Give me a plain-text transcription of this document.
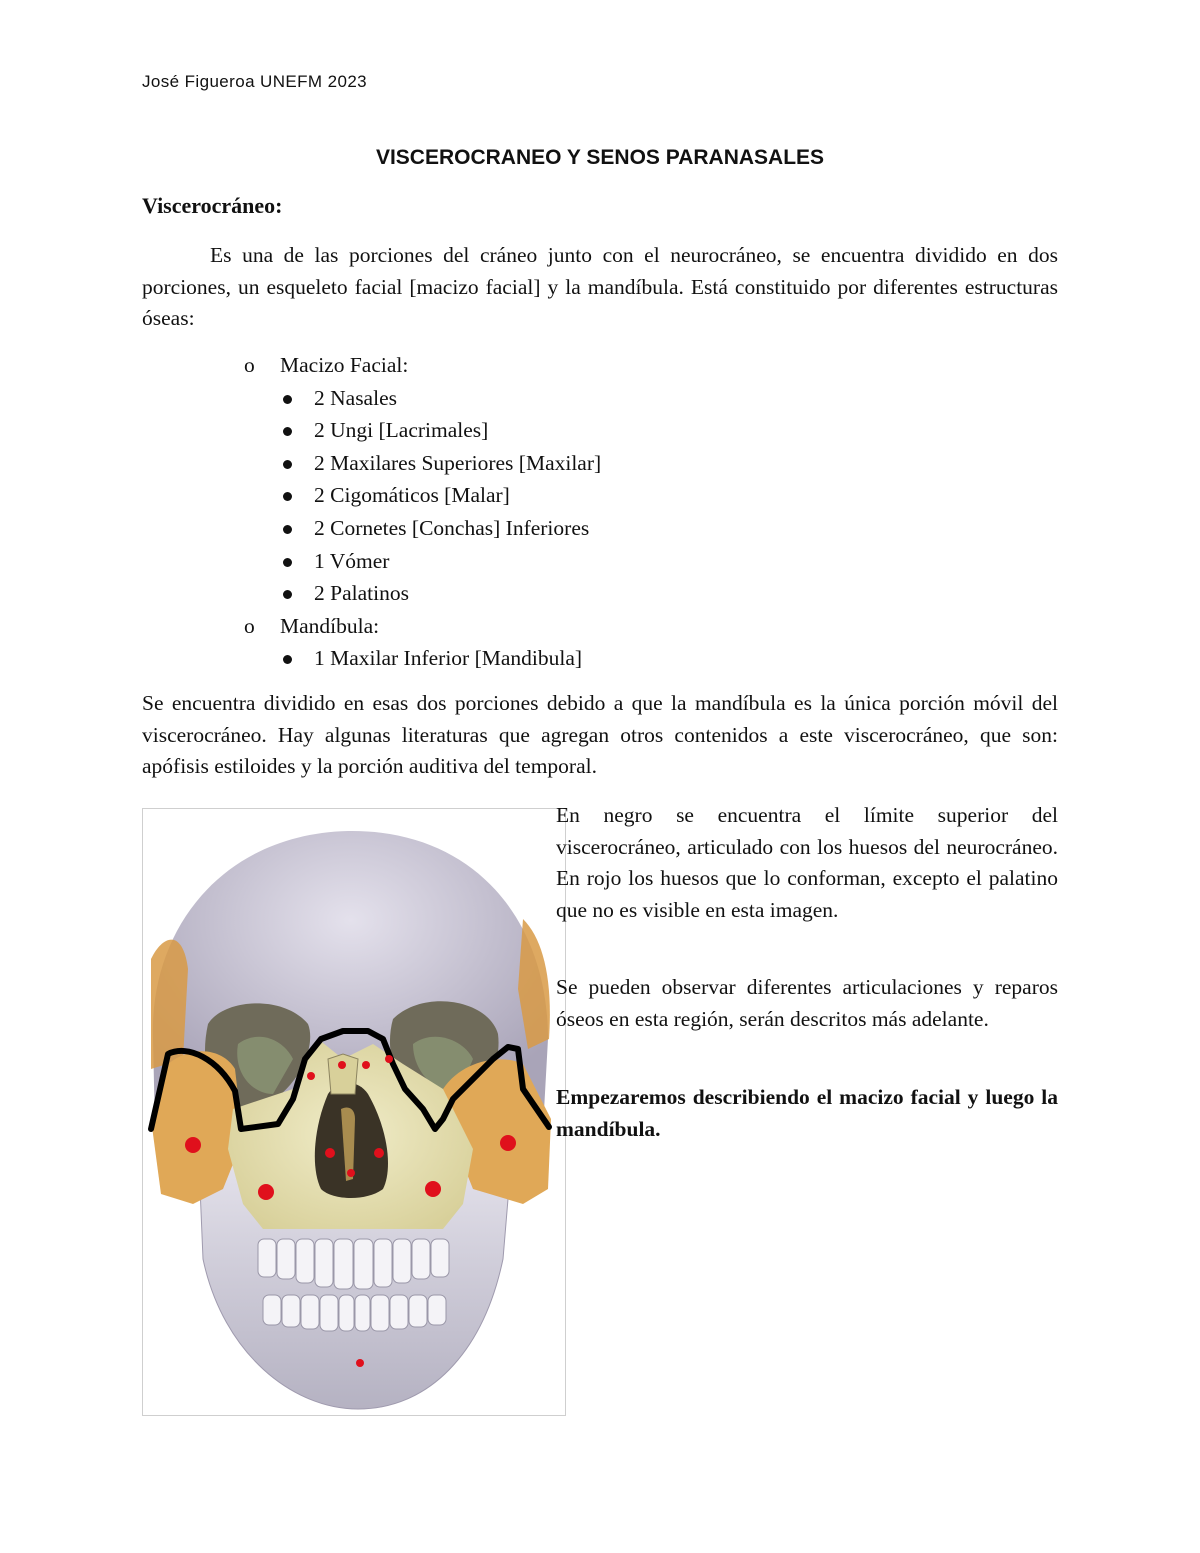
José Figueroa UNEFM 2023
VISCEROCRANEO Y SENOS PARANASALES
Viscerocráneo:

Es una de las porciones del cráneo junto con el neurocráneo, se encuentra dividido en dos porciones, un esqueleto facial [macizo facial] y la mandíbula. Está constituido por diferentes estructuras óseas:

o Macizo Facial:
2 Nasales
2 Ungi [Lacrimales]
2 Maxilares Superiores [Maxilar]
2 Cigomáticos [Malar]
2 Cornetes [Conchas] Inferiores
1 Vómer
2 Palatinos
o Mandíbula:
1 Maxilar Inferior [Mandibula]

Se encuentra dividido en esas dos porciones debido a que la mandíbula es la única porción móvil del viscerocráneo. Hay algunas literaturas que agregan otros contenidos a este viscerocráneo, que son: apófisis estiloides y la porción auditiva del temporal.

En negro se encuentra el límite superior del viscerocráneo, articulado con los huesos del neurocráneo. En rojo los huesos que lo conforman, excepto el palatino que no es visible en esta imagen.

Se pueden observar diferentes articulaciones y reparos óseos en esta región, serán descritos más adelante.

Empezaremos describiendo el macizo facial y luego la mandíbula.
